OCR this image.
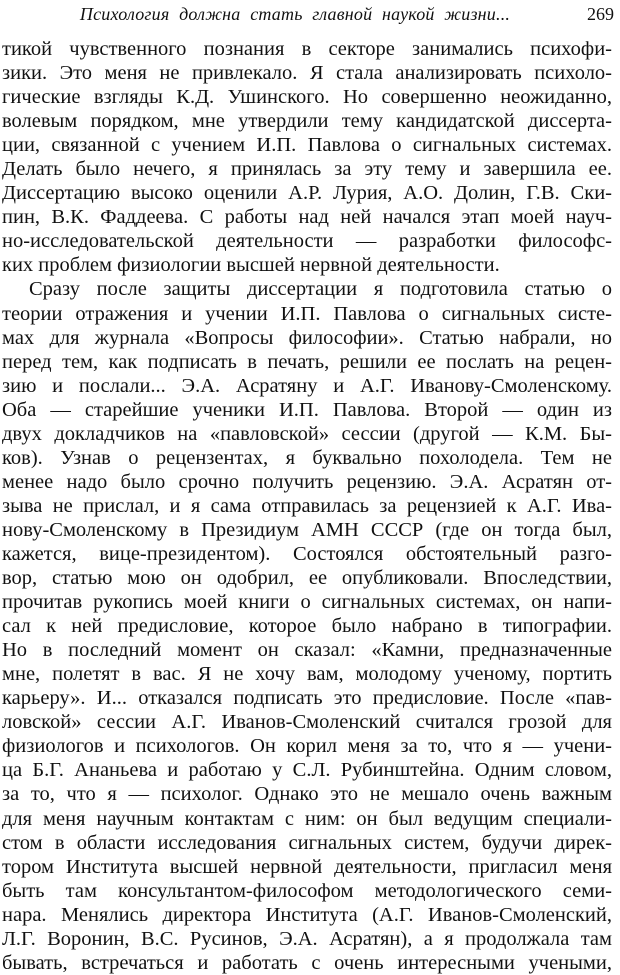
Психология должна стать главной наукой жизни...	269
тикой чувственного познания в секторе занимались психофи-
зики. Это меня не привлекало. Я стала анализировать психоло-
гические взгляды К.Д. Ушинского. Но совершенно неожиданно,
волевым порядком, мне утвердили тему кандидатской диссерта-
ции, связанной с учением И.П. Павлова о сигнальных системах.
Делать было нечего, я принялась за эту тему и завершила ее.
Диссертацию высоко оценили А.Р. Лурия, А.О. Долин, Г.В. Ски-
пин, В.К. Фаддеева. С работы над ней начался этап моей науч-
но-исследовательской деятельности — разработки философс-
ких проблем физиологии высшей нервной деятельности.
Сразу после защиты диссертации я подготовила статью о
теории отражения и учении И.П. Павлова о сигнальных систе-
мах для журнала «Вопросы философии». Статью набрали, но
перед тем, как подписать в печать, решили ее послать на рецен-
зию и послали... Э.А. Асратяну и А.Г. Иванову-Смоленскому.
Оба — старейшие ученики И.П. Павлова. Второй — один из
двух докладчиков на «павловской» сессии (другой — К.М. Бы-
ков). Узнав о рецензентах, я буквально похолодела. Тем не
менее надо было срочно получить рецензию. Э.А. Асратян от-
зыва не прислал, и я сама отправилась за рецензией к А.Г. Ива-
нову-Смоленскому в Президиум АМН СССР (где он тогда был,
кажется, вице-президентом). Состоялся обстоятельный разго-
вор, статью мою он одобрил, ее опубликовали. Впоследствии,
прочитав рукопись моей книги о сигнальных системах, он напи-
сал к ней предисловие, которое было набрано в типографии.
Но в последний момент он сказал: «Камни, предназначенные
мне, полетят в вас. Я не хочу вам, молодому ученому, портить
карьеру». И... отказался подписать это предисловие. После «пав-
ловской» сессии А.Г. Иванов-Смоленский считался грозой для
физиологов и психологов. Он корил меня за то, что я — учени-
ца Б.Г. Ананьева и работаю у С.Л. Рубинштейна. Одним словом,
за то, что я — психолог. Однако это не мешало очень важным
для меня научным контактам с ним: он был ведущим специали-
стом в области исследования сигнальных систем, будучи дирек-
тором Института высшей нервной деятельности, пригласил меня
быть там консультантом-философом методологического семи-
нара. Менялись директора Института (А.Г. Иванов-Смоленский,
Л.Г. Воронин, В.С. Русинов, Э.А. Асратян), а я продолжала там
бывать, встречаться и работать с очень интересными учеными,
